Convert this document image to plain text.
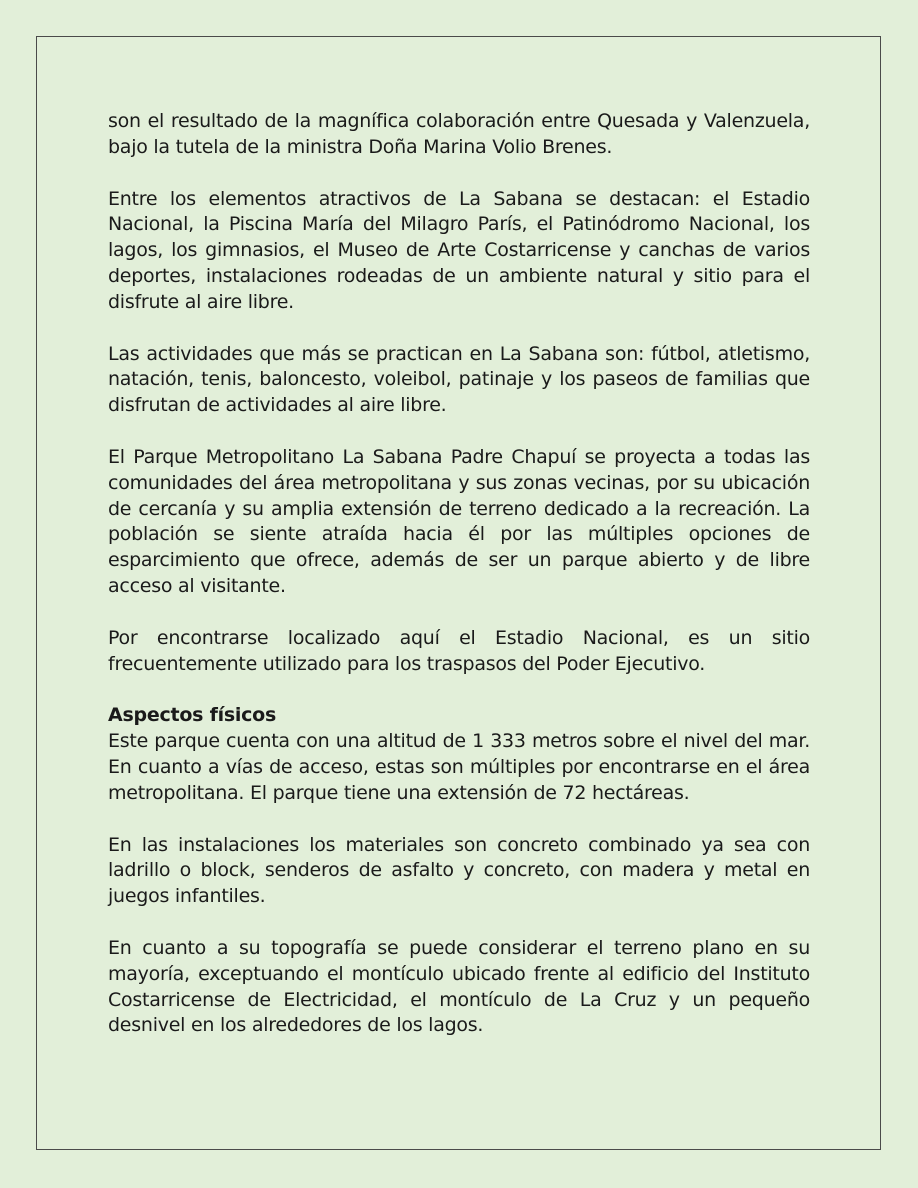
son el resultado de la magnífica colaboración entre Quesada y Valenzuela, bajo la tutela de la ministra Doña Marina Volio Brenes.

Entre los elementos atractivos de La Sabana se destacan: el Estadio Nacional, la Piscina María del Milagro París, el Patinódromo Nacional, los lagos, los gimnasios, el Museo de Arte Costarricense y canchas de varios deportes, instalaciones rodeadas de un ambiente natural y sitio para el disfrute al aire libre.

Las actividades que más se practican en La Sabana son: fútbol, atletismo, natación, tenis, baloncesto, voleibol, patinaje y los paseos de familias que disfrutan de actividades al aire libre.

El Parque Metropolitano La Sabana Padre Chapuí se proyecta a todas las comunidades del área metropolitana y sus zonas vecinas, por su ubicación de cercanía y su amplia extensión de terreno dedicado a la recreación. La población se siente atraída hacia él por las múltiples opciones de esparcimiento que ofrece, además de ser un parque abierto y de libre acceso al visitante.

Por encontrarse localizado aquí el Estadio Nacional, es un sitio frecuentemente utilizado para los traspasos del Poder Ejecutivo.

Aspectos físicos

Este parque cuenta con una altitud de 1 333 metros sobre el nivel del mar. En cuanto a vías de acceso, estas son múltiples por encontrarse en el área metropolitana. El parque tiene una extensión de 72 hectáreas.

En las instalaciones los materiales son concreto combinado ya sea con ladrillo o block, senderos de asfalto y concreto, con madera y metal en juegos infantiles.

En cuanto a su topografía se puede considerar el terreno plano en su mayoría, exceptuando el montículo ubicado frente al edificio del Instituto Costarricense de Electricidad, el montículo de La Cruz y un pequeño desnivel en los alrededores de los lagos.
